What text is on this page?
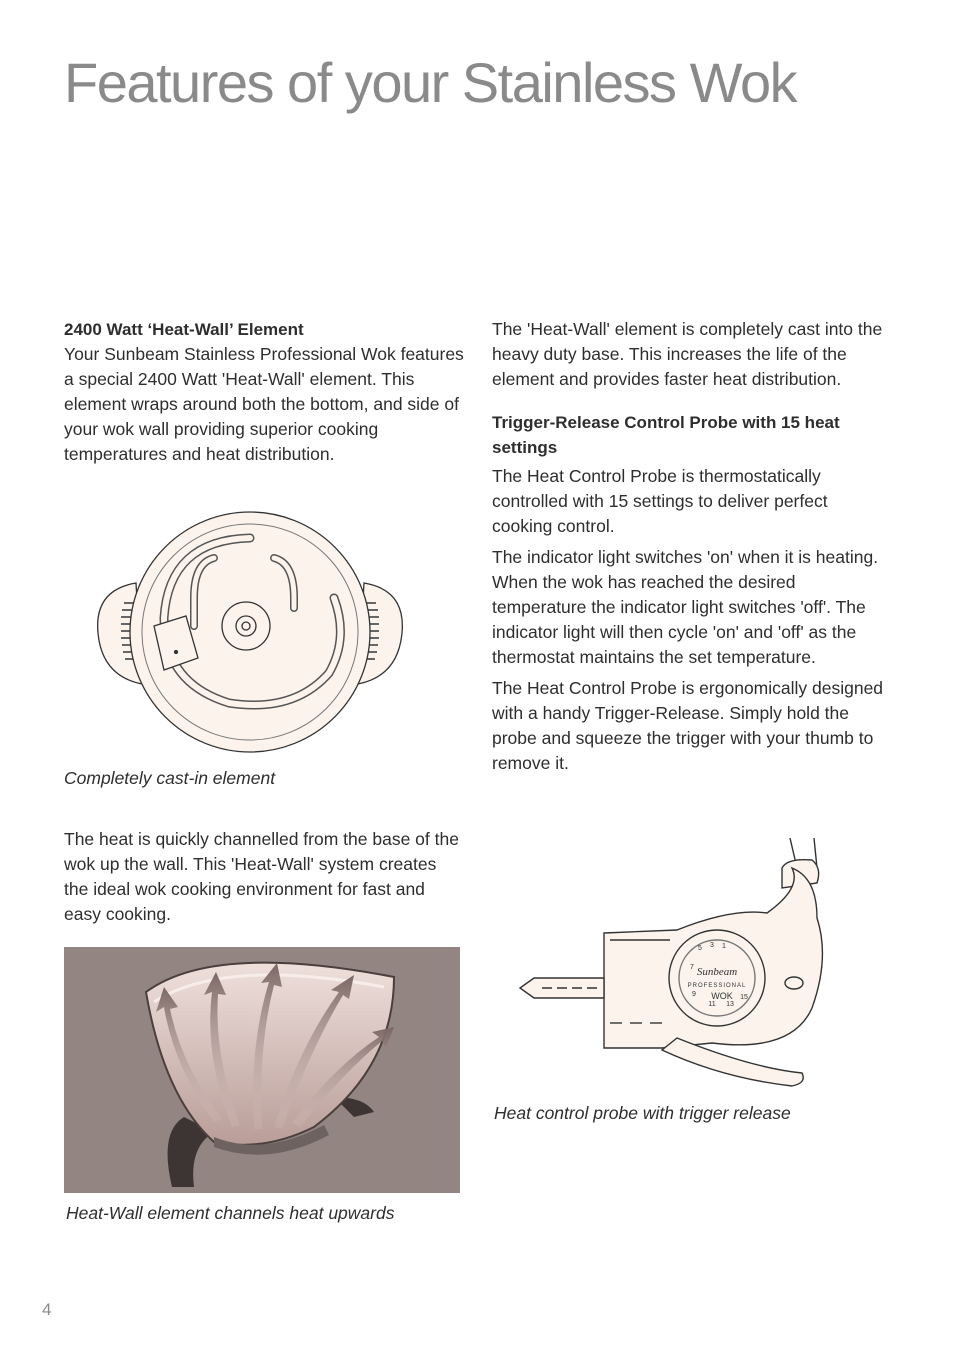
Features of your Stainless Wok
2400 Watt ‘Heat-Wall’ Element

Your Sunbeam Stainless Professional Wok features a special 2400 Watt 'Heat-Wall' element. This element wraps around both the bottom, and side of your wok wall providing superior cooking temperatures and heat distribution.

Completely cast-in element

The heat is quickly channelled from the base of the wok up the wall. This 'Heat-Wall' system creates the ideal wok cooking environment for fast and easy cooking.

Heat-Wall element channels heat upwards

The 'Heat-Wall' element is completely cast into the heavy duty base. This increases the life of the element and provides faster heat distribution.

Trigger-Release Control Probe with 15 heat settings

The Heat Control Probe is thermostatically controlled with 15 settings to deliver perfect cooking control.

The indicator light switches 'on' when it is heating. When the wok has reached the desired temperature the indicator light switches 'off'. The indicator light will then cycle 'on' and 'off' as the thermostat maintains the set temperature.

The Heat Control Probe is ergonomically designed with a handy Trigger-Release. Simply hold the probe and squeeze the trigger with your thumb to remove it.

Sunbeam
PROFESSIONAL
WOK
1
3
5
7
9
11 13
15
Heat control probe with trigger release
4
